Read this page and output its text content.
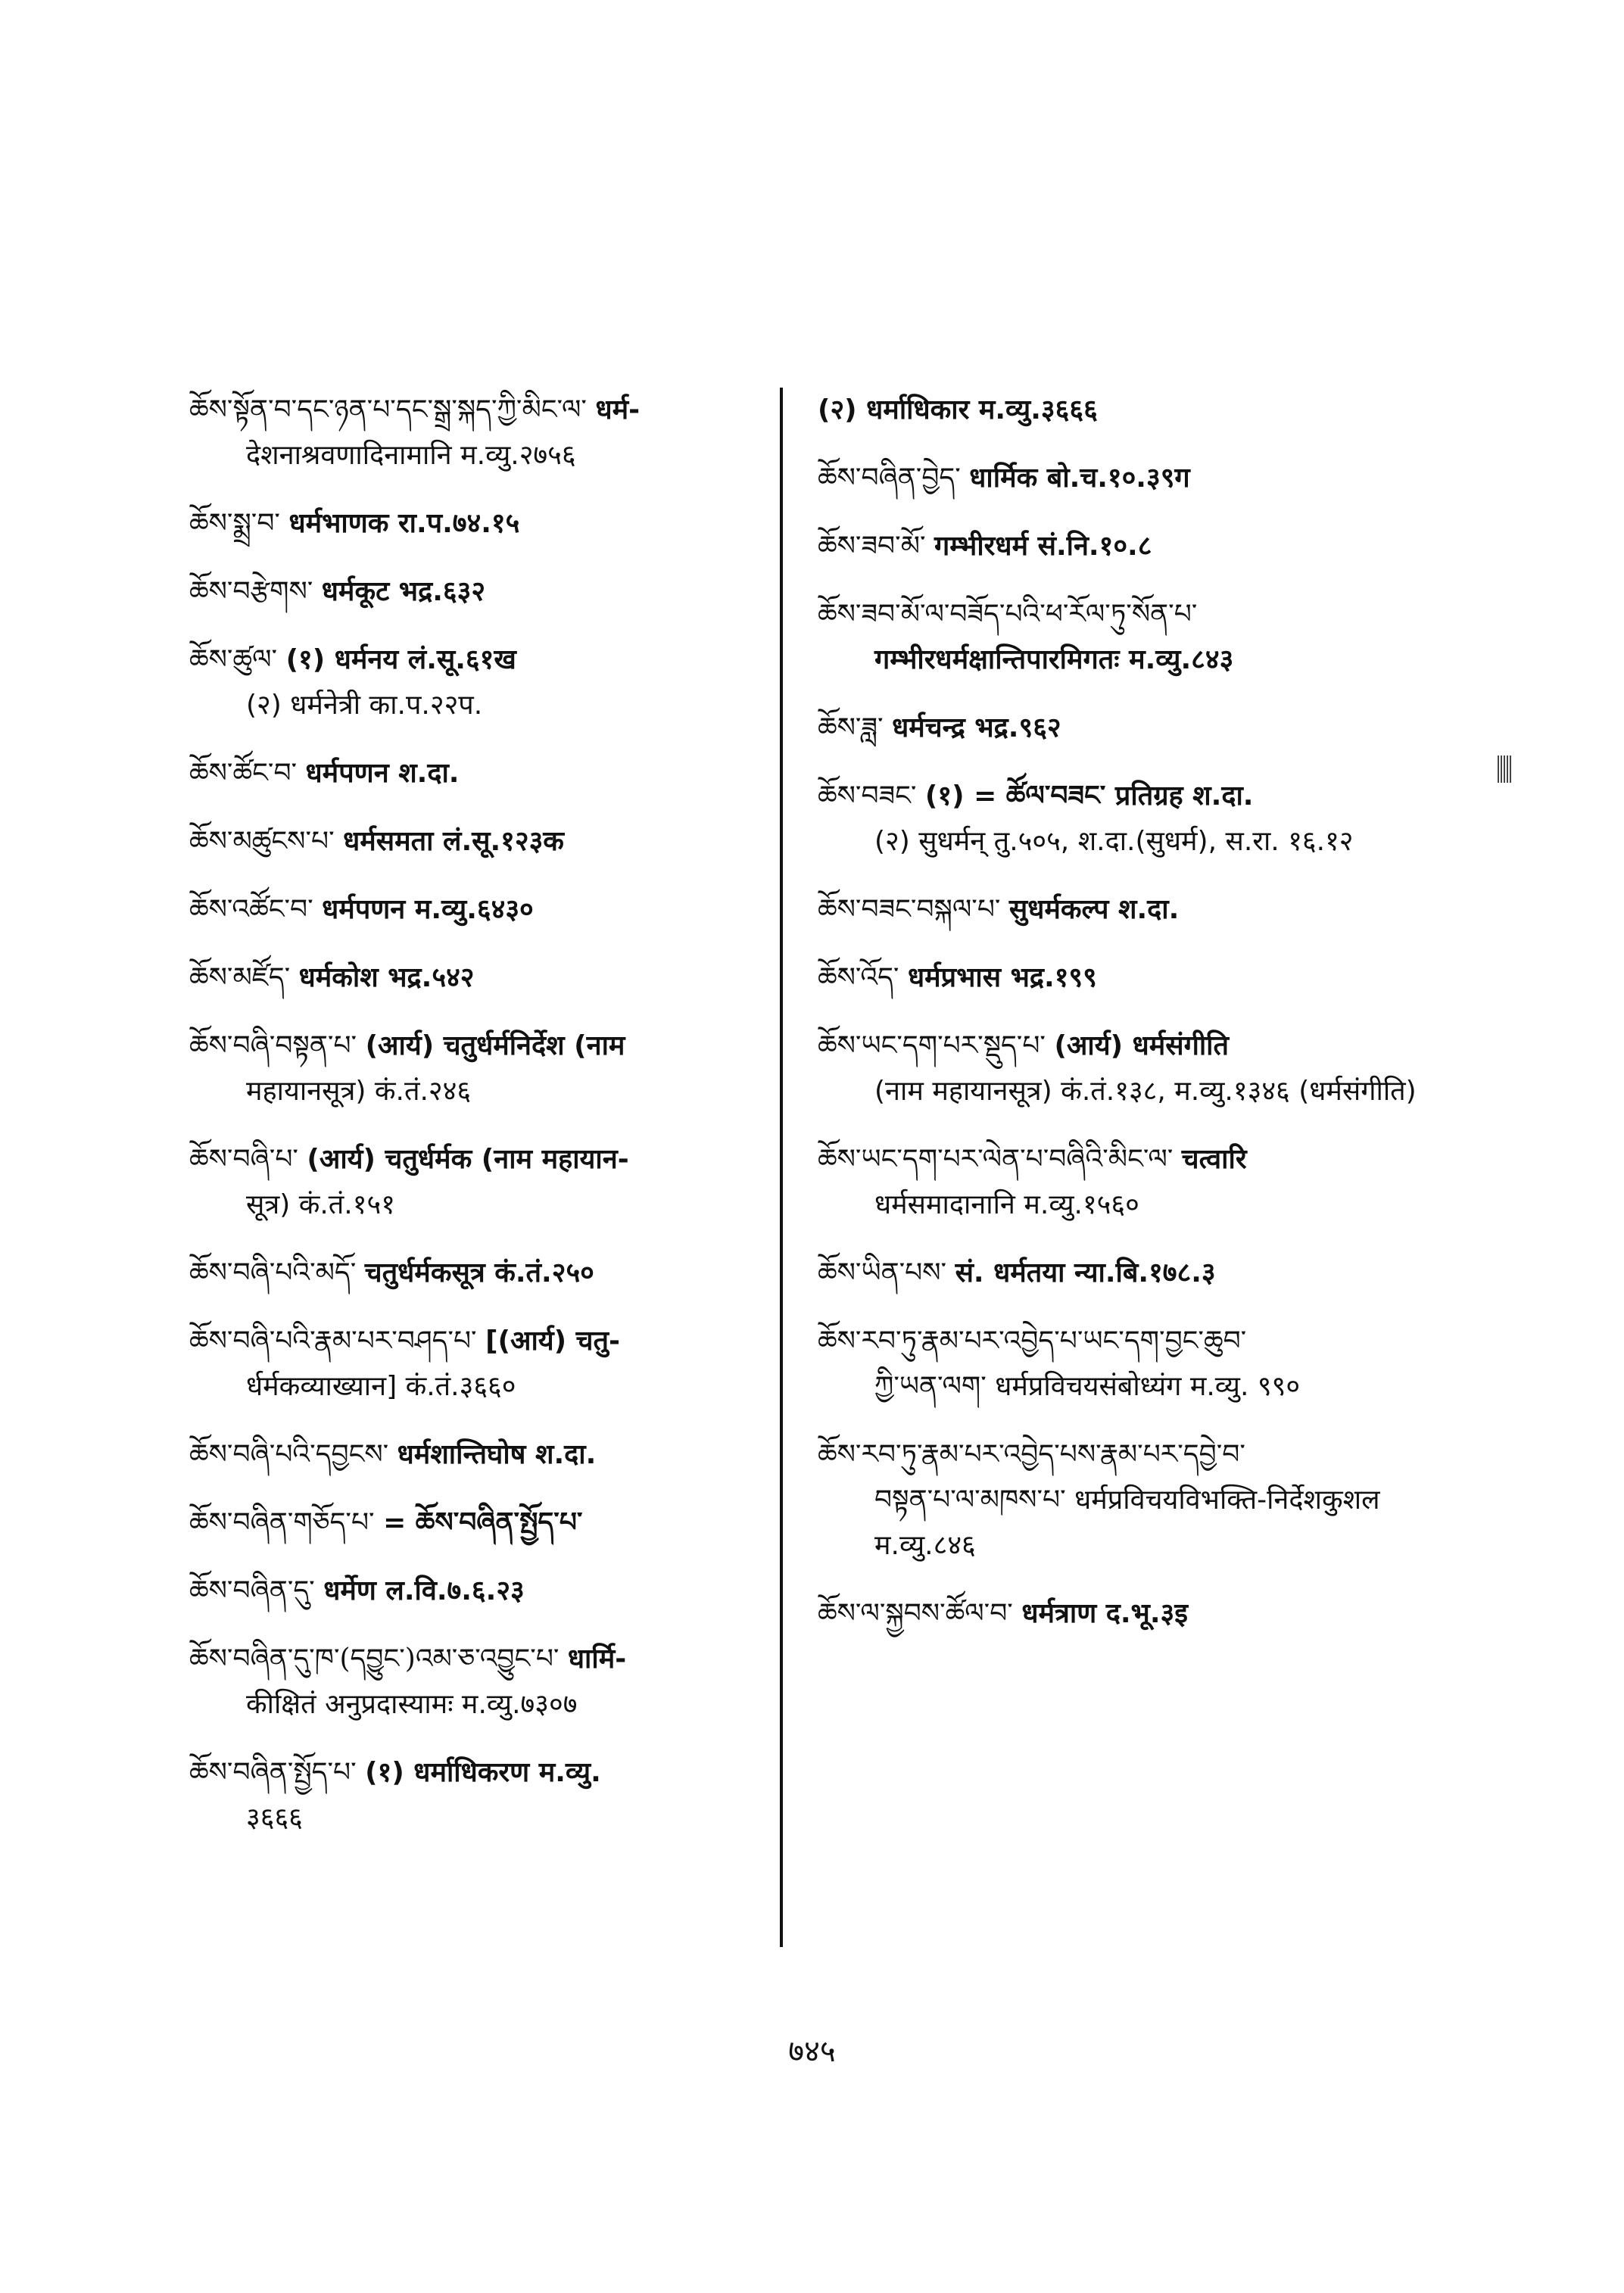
ཆོས་སྟོན་བ་དང་ཉན་པ་དང་སྒྲ་སྐད་ཀྱི་མིང་ལ་ धर्म-
देशनाश्रवणादिनामानि म.व्यु.२७५६
ཆོས་སྨྲ་བ་ धर्मभाणक रा.प.७४.१५
ཆོས་བརྩེགས་ धर्मकूट भद्र.६३२
ཆོས་ཚུལ་ (१) धर्मनय लं.सू.६१ख
(२) धर्मनेत्री का.प.२२प.
ཆོས་ཚོང་བ་ धर्मपणन श.दा.
ཆོས་མཚུངས་པ་ धर्मसमता लं.सू.१२३क
ཆོས་འཚོང་བ་ धर्मपणन म.व्यु.६४३०
ཆོས་མཛོད་ धर्मकोश भद्र.५४२
ཆོས་བཞི་བསྟན་པ་ (आर्य) चतुर्धर्मनिर्देश (नाम
महायानसूत्र) कं.तं.२४६
ཆོས་བཞི་པ་ (आर्य) चतुर्धर्मक (नाम महायान-
सूत्र) कं.तं.१५१
ཆོས་བཞི་པའི་མདོ་ चतुर्धर्मकसूत्र कं.तं.२५०
ཆོས་བཞི་པའི་རྣམ་པར་བཤད་པ་ [(आर्य) चतु-
र्धर्मकव्याख्यान] कं.तं.३६६०
ཆོས་བཞི་པའི་དབྱངས་ धर्मशान्तिघोष श.दा.
ཆོས་བཞིན་གཅོད་པ་ = ཆོས་བཞིན་སྤྱོད་པ་
ཆོས་བཞིན་དུ་ धर्मेण ल.वि.७.६.२३
ཆོས་བཞིན་དུ་ཁ་(དབྱུང་)འམ་ཅ་འབྱུང་པ་ धार्मि-
कीक्षितं अनुप्रदास्यामः म.व्यु.७३०७
ཆོས་བཞིན་སྤྱོད་པ་ (१) धर्माधिकरण म.व्यु.
३६६६
(२) धर्माधिकार म.व्यु.३६६६
ཆོས་བཞིན་བྱེད་ धार्मिक बो.च.१०.३९ग
ཆོས་ཟབ་མོ་ गम्भीरधर्म सं.नि.१०.८
ཆོས་ཟབ་མོ་ལ་བཟོད་པའི་ཕ་རོལ་ཏུ་སོན་པ་
गम्भीरधर्मक्षान्तिपारमिगतः म.व्यु.८४३
ཆོས་ཟླ་ धर्मचन्द्र भद्र.९६२
ཆོས་བཟང་ (१) = ཚོལ་བཟང་ प्रतिग्रह श.दा.
(२) सुधर्मन् तु.५०५, श.दा.(सुधर्म), स.रा. १६.१२
ཆོས་བཟང་བསྐལ་པ་ सुधर्मकल्प श.दा.
ཆོས་འོད་ धर्मप्रभास भद्र.१९९
ཆོས་ཡང་དག་པར་སྡུད་པ་ (आर्य) धर्मसंगीति
(नाम महायानसूत्र) कं.तं.१३८, म.व्यु.१३४६ (धर्मसंगीति)
ཆོས་ཡང་དག་པར་ལེན་པ་བཞིའི་མིང་ལ་ चत्वारि
धर्मसमादानानि म.व्यु.१५६०
ཆོས་ཡིན་པས་ सं. धर्मतया न्या.बि.१७८.३
ཆོས་རབ་ཏུ་རྣམ་པར་འབྱེད་པ་ཡང་དག་བྱང་ཆུབ་
ཀྱི་ཡན་ལག་ धर्मप्रविचयसंबोध्यंग म.व्यु. ९९०
ཆོས་རབ་ཏུ་རྣམ་པར་འབྱེད་པས་རྣམ་པར་དབྱེ་བ་
བསྟན་པ་ལ་མཁས་པ་ धर्मप्रविचयविभक्ति-निर्देशकुशल म.व्यु.८४६
ཆོས་ལ་སྐྱབས་ཚོལ་བ་ धर्मत्राण द.भू.३इ
७४५
